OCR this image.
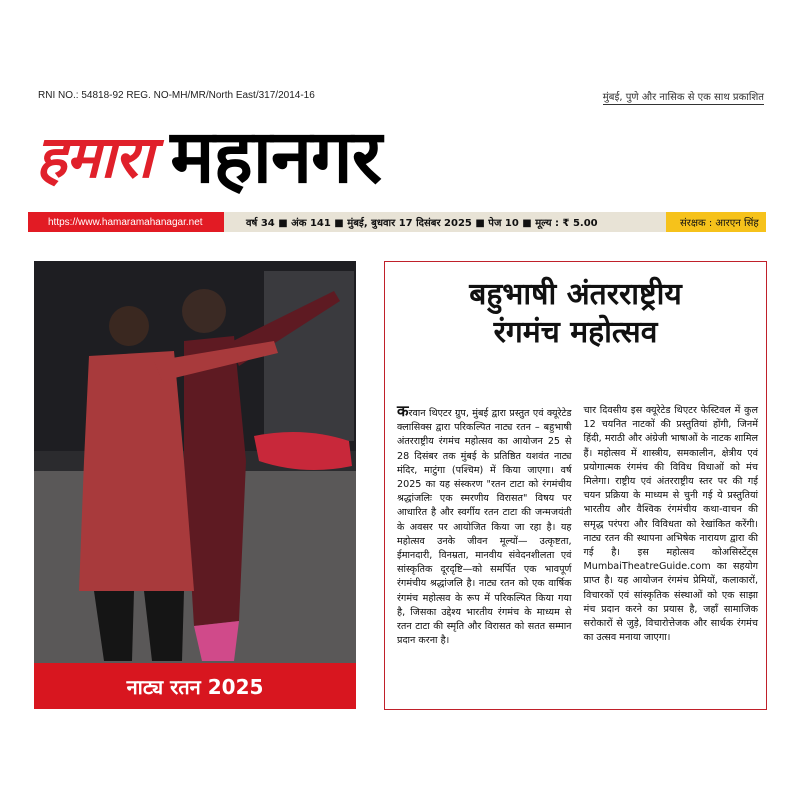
RNI NO.: 54818-92 REG. NO-MH/MR/North East/317/2014-16	मुंबई, पुणे और नासिक से एक साथ प्रकाशित
हमारा महानगर
https://www.hamaramahanagar.net	वर्ष 34 ■ अंक 141 ■ मुंबई, बुधवार 17 दिसंबर 2025 ■ पेज 10 ■ मूल्य : ₹ 5.00	संरक्षक : आरएन सिंह
नाट्य रतन 2025
बहुभाषी अंतरराष्ट्रीय
रंगमंच महोत्सव
करवान थिएटर ग्रुप, मुंबई द्वारा प्रस्तुत एवं क्यूरेटेड क्लासिक्स द्वारा परिकल्पित नाट्य रतन – बहुभाषी अंतरराष्ट्रीय रंगमंच महोत्सव का आयोजन 25 से 28 दिसंबर तक मुंबई के प्रतिष्ठित यशवंत नाट्य मंदिर, माटुंगा (पश्चिम) में किया जाएगा। वर्ष 2025 का यह संस्करण "रतन टाटा को रंगमंचीय श्रद्धांजलिः एक स्मरणीय विरासत" विषय पर आधारित है और स्वर्गीय रतन टाटा की जन्मजयंती के अवसर पर आयोजित किया जा रहा है। यह महोत्सव उनके जीवन मूल्यों— उत्कृष्टता, ईमानदारी, विनम्रता, मानवीय संवेदनशीलता एवं सांस्कृतिक दूरदृष्टि—को समर्पित एक भावपूर्ण रंगमंचीय श्रद्धांजलि है। नाट्य रतन को एक वार्षिक रंगमंच महोत्सव के रूप में परिकल्पित किया गया है, जिसका उद्देश्य भारतीय रंगमंच के माध्यम से रतन टाटा की स्मृति और विरासत को सतत सम्मान प्रदान करना है।
चार दिवसीय इस क्यूरेटेड थिएटर फेस्टिवल में कुल 12 चयनित नाटकों की प्रस्तुतियां होंगी, जिनमें हिंदी, मराठी और अंग्रेजी भाषाओं के नाटक शामिल हैं। महोत्सव में शास्त्रीय, समकालीन, क्षेत्रीय एवं प्रयोगात्मक रंगमंच की विविध विधाओं को मंच मिलेगा। राष्ट्रीय एवं अंतरराष्ट्रीय स्तर पर की गई चयन प्रक्रिया के माध्यम से चुनी गई ये प्रस्तुतियां भारतीय और वैश्विक रंगमंचीय कथा-वाचन की समृद्ध परंपरा और विविधता को रेखांकित करेंगी। नाट्य रतन की स्थापना अभिषेक नारायण द्वारा की गई है। इस महोत्सव कोअसिस्टेंट्स MumbaiTheatreGuide.com का सहयोग प्राप्त है। यह आयोजन रंगमंच प्रेमियों, कलाकारों, विचारकों एवं सांस्कृतिक संस्थाओं को एक साझा मंच प्रदान करने का प्रयास है, जहाँ सामाजिक सरोकारों से जुड़े, विचारोत्तेजक और सार्थक रंगमंच का उत्सव मनाया जाएगा।
